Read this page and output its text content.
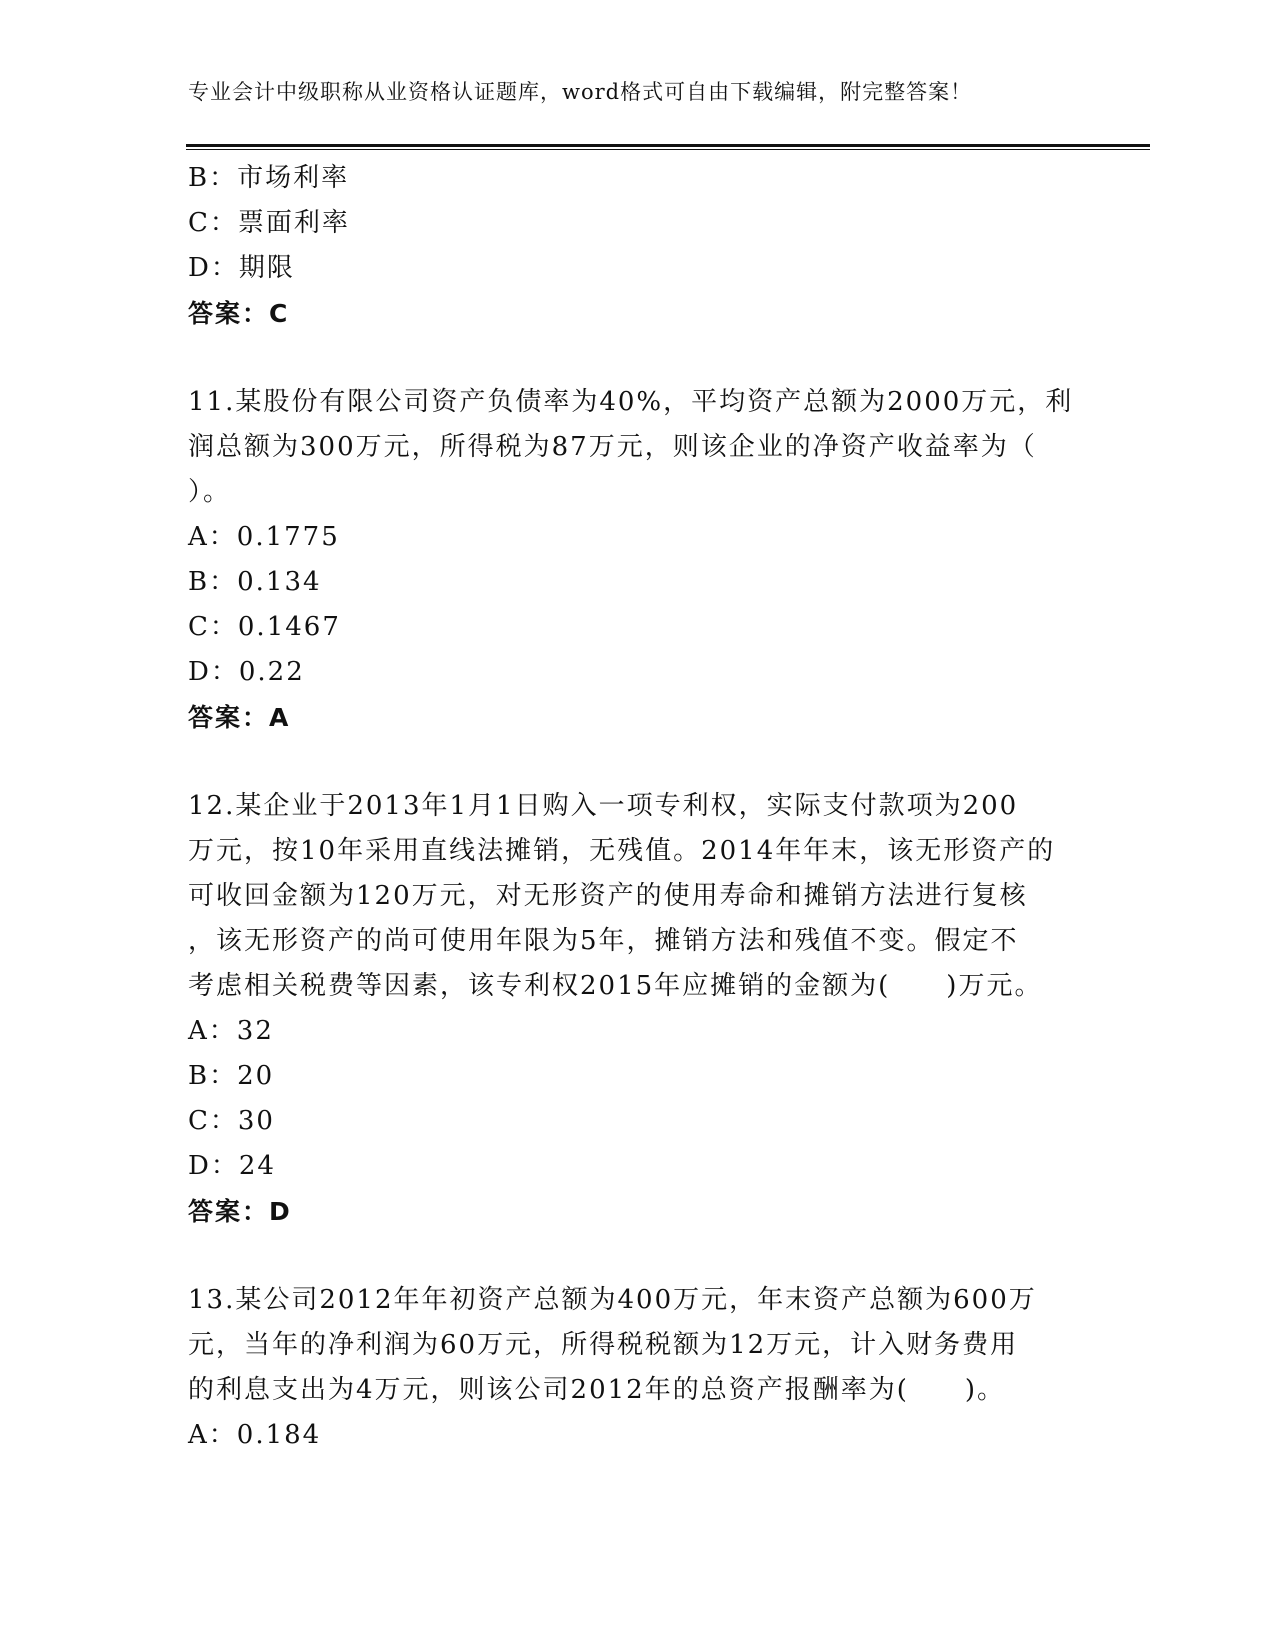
专业会计中级职称从业资格认证题库，word格式可自由下载编辑，附完整答案！
B：市场利率
C：票面利率
D：期限
答案：C
11.某股份有限公司资产负债率为40%，平均资产总额为2000万元，利
润总额为300万元，所得税为87万元，则该企业的净资产收益率为（
）。
A：0.1775
B：0.134
C：0.1467
D：0.22
答案：A
12.某企业于2013年1月1日购入一项专利权，实际支付款项为200
万元，按10年采用直线法摊销，无残值。2014年年末，该无形资产的
可收回金额为120万元，对无形资产的使用寿命和摊销方法进行复核
，该无形资产的尚可使用年限为5年，摊销方法和残值不变。假定不
考虑相关税费等因素，该专利权2015年应摊销的金额为(　　)万元。
A：32
B：20
C：30
D：24
答案：D
13.某公司2012年年初资产总额为400万元，年末资产总额为600万
元，当年的净利润为60万元，所得税税额为12万元，计入财务费用
的利息支出为4万元，则该公司2012年的总资产报酬率为(　　)。
A：0.184
